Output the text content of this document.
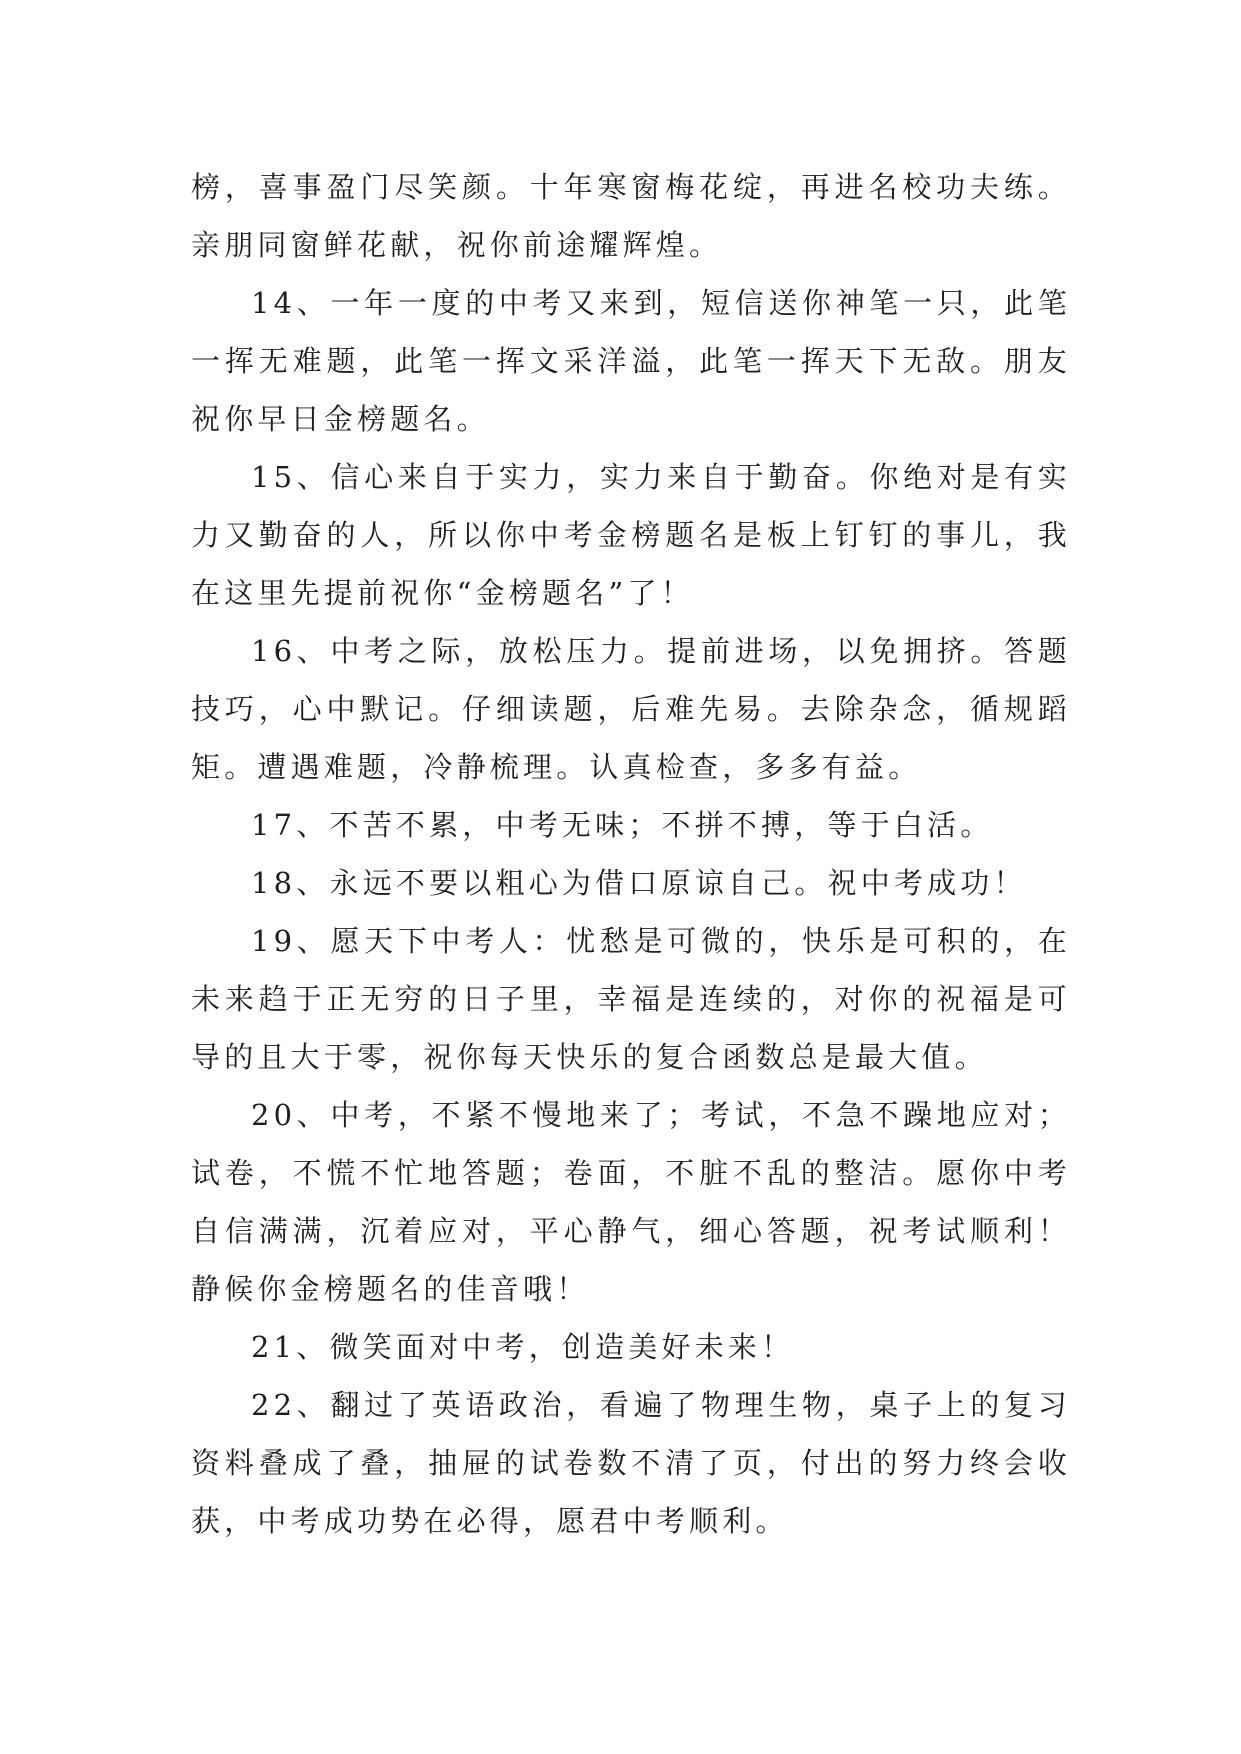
榜，喜事盈门尽笑颜。十年寒窗梅花绽，再进名校功夫练。亲朋同窗鲜花献，祝你前途耀辉煌。

14、一年一度的中考又来到，短信送你神笔一只，此笔一挥无难题，此笔一挥文采洋溢，此笔一挥天下无敌。朋友祝你早日金榜题名。

15、信心来自于实力，实力来自于勤奋。你绝对是有实力又勤奋的人，所以你中考金榜题名是板上钉钉的事儿，我在这里先提前祝你“金榜题名”了！

16、中考之际，放松压力。提前进场，以免拥挤。答题技巧，心中默记。仔细读题，后难先易。去除杂念，循规蹈矩。遭遇难题，冷静梳理。认真检查，多多有益。

17、不苦不累，中考无味；不拼不搏，等于白活。

18、永远不要以粗心为借口原谅自己。祝中考成功！

19、愿天下中考人：忧愁是可微的，快乐是可积的，在未来趋于正无穷的日子里，幸福是连续的，对你的祝福是可导的且大于零，祝你每天快乐的复合函数总是最大值。

20、中考，不紧不慢地来了；考试，不急不躁地应对；试卷，不慌不忙地答题；卷面，不脏不乱的整洁。愿你中考自信满满，沉着应对，平心静气，细心答题，祝考试顺利！静候你金榜题名的佳音哦！

21、微笑面对中考，创造美好未来！

22、翻过了英语政治，看遍了物理生物，桌子上的复习资料叠成了叠，抽屉的试卷数不清了页，付出的努力终会收获，中考成功势在必得，愿君中考顺利。
